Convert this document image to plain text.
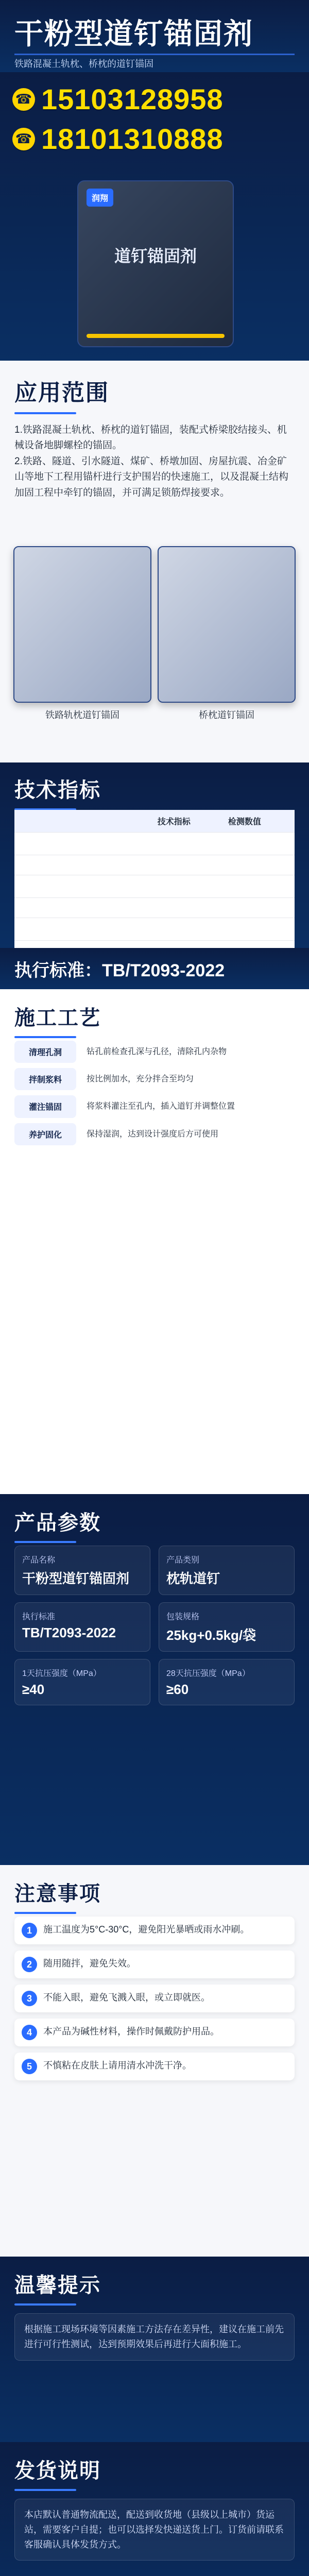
干粉型道钉锚固剂
铁路混凝土轨枕、桥枕的道钉锚固
☎ 15103128958
☎ 18101310888
润翔
道钉锚固剂
应用范围
1.铁路混凝土轨枕、桥枕的道钉锚固，装配式桥梁胶结接头、机械设备地脚螺栓的锚固。
2.铁路、隧道、引水隧道、煤矿、桥墩加固、房屋抗震、冶金矿山等地下工程用锚杆进行支护围岩的快速施工，以及混凝土结构加固工程中牵钉的锚固，并可满足锁筋焊接要求。
铁路轨枕道钉锚固	桥枕道钉锚固
技术指标
		技术指标	检测数值
初凝时间 min		> 10	13
	2h	> 20	24
抗压强度	24h	> 40	43
MPa	28d	> 60	62
竖向膨胀率 %	3d	> 0.02	0.04

执行标准：TB/T2093-2022
施工工艺
清理孔洞	钻孔前检查孔深与孔径，清除孔内杂物
拌制浆料	按比例加水，充分拌合至均匀
灌注锚固	将浆料灌注至孔内，插入道钉并调整位置
养护固化	保持湿润，达到设计强度后方可使用
产品参数
产品名称
干粉型道钉锚固剂
产品类别
枕轨道钉
执行标准
TB/T2093-2022
包装规格
25kg+0.5kg/袋
1天抗压强度（MPa）
≥40
28天抗压强度（MPa）
≥60
注意事项
1	施工温度为5°C-30°C，避免阳光暴晒或雨水冲刷。
2	随用随拌，避免失效。
3	不能入眼，避免飞溅入眼，或立即就医。
4	本产品为碱性材料，操作时佩戴防护用品。
5	不慎粘在皮肤上请用清水冲洗干净。
温馨提示
根据施工现场环境等因素施工方法存在差异性，建议在施工前先进行可行性测试，达到预期效果后再进行大面积施工。
发货说明
本店默认普通物流配送，配送到收货地（县级以上城市）货运站，需要客户自提；也可以选择发快递送货上门。订货前请联系客服确认具体发货方式。
